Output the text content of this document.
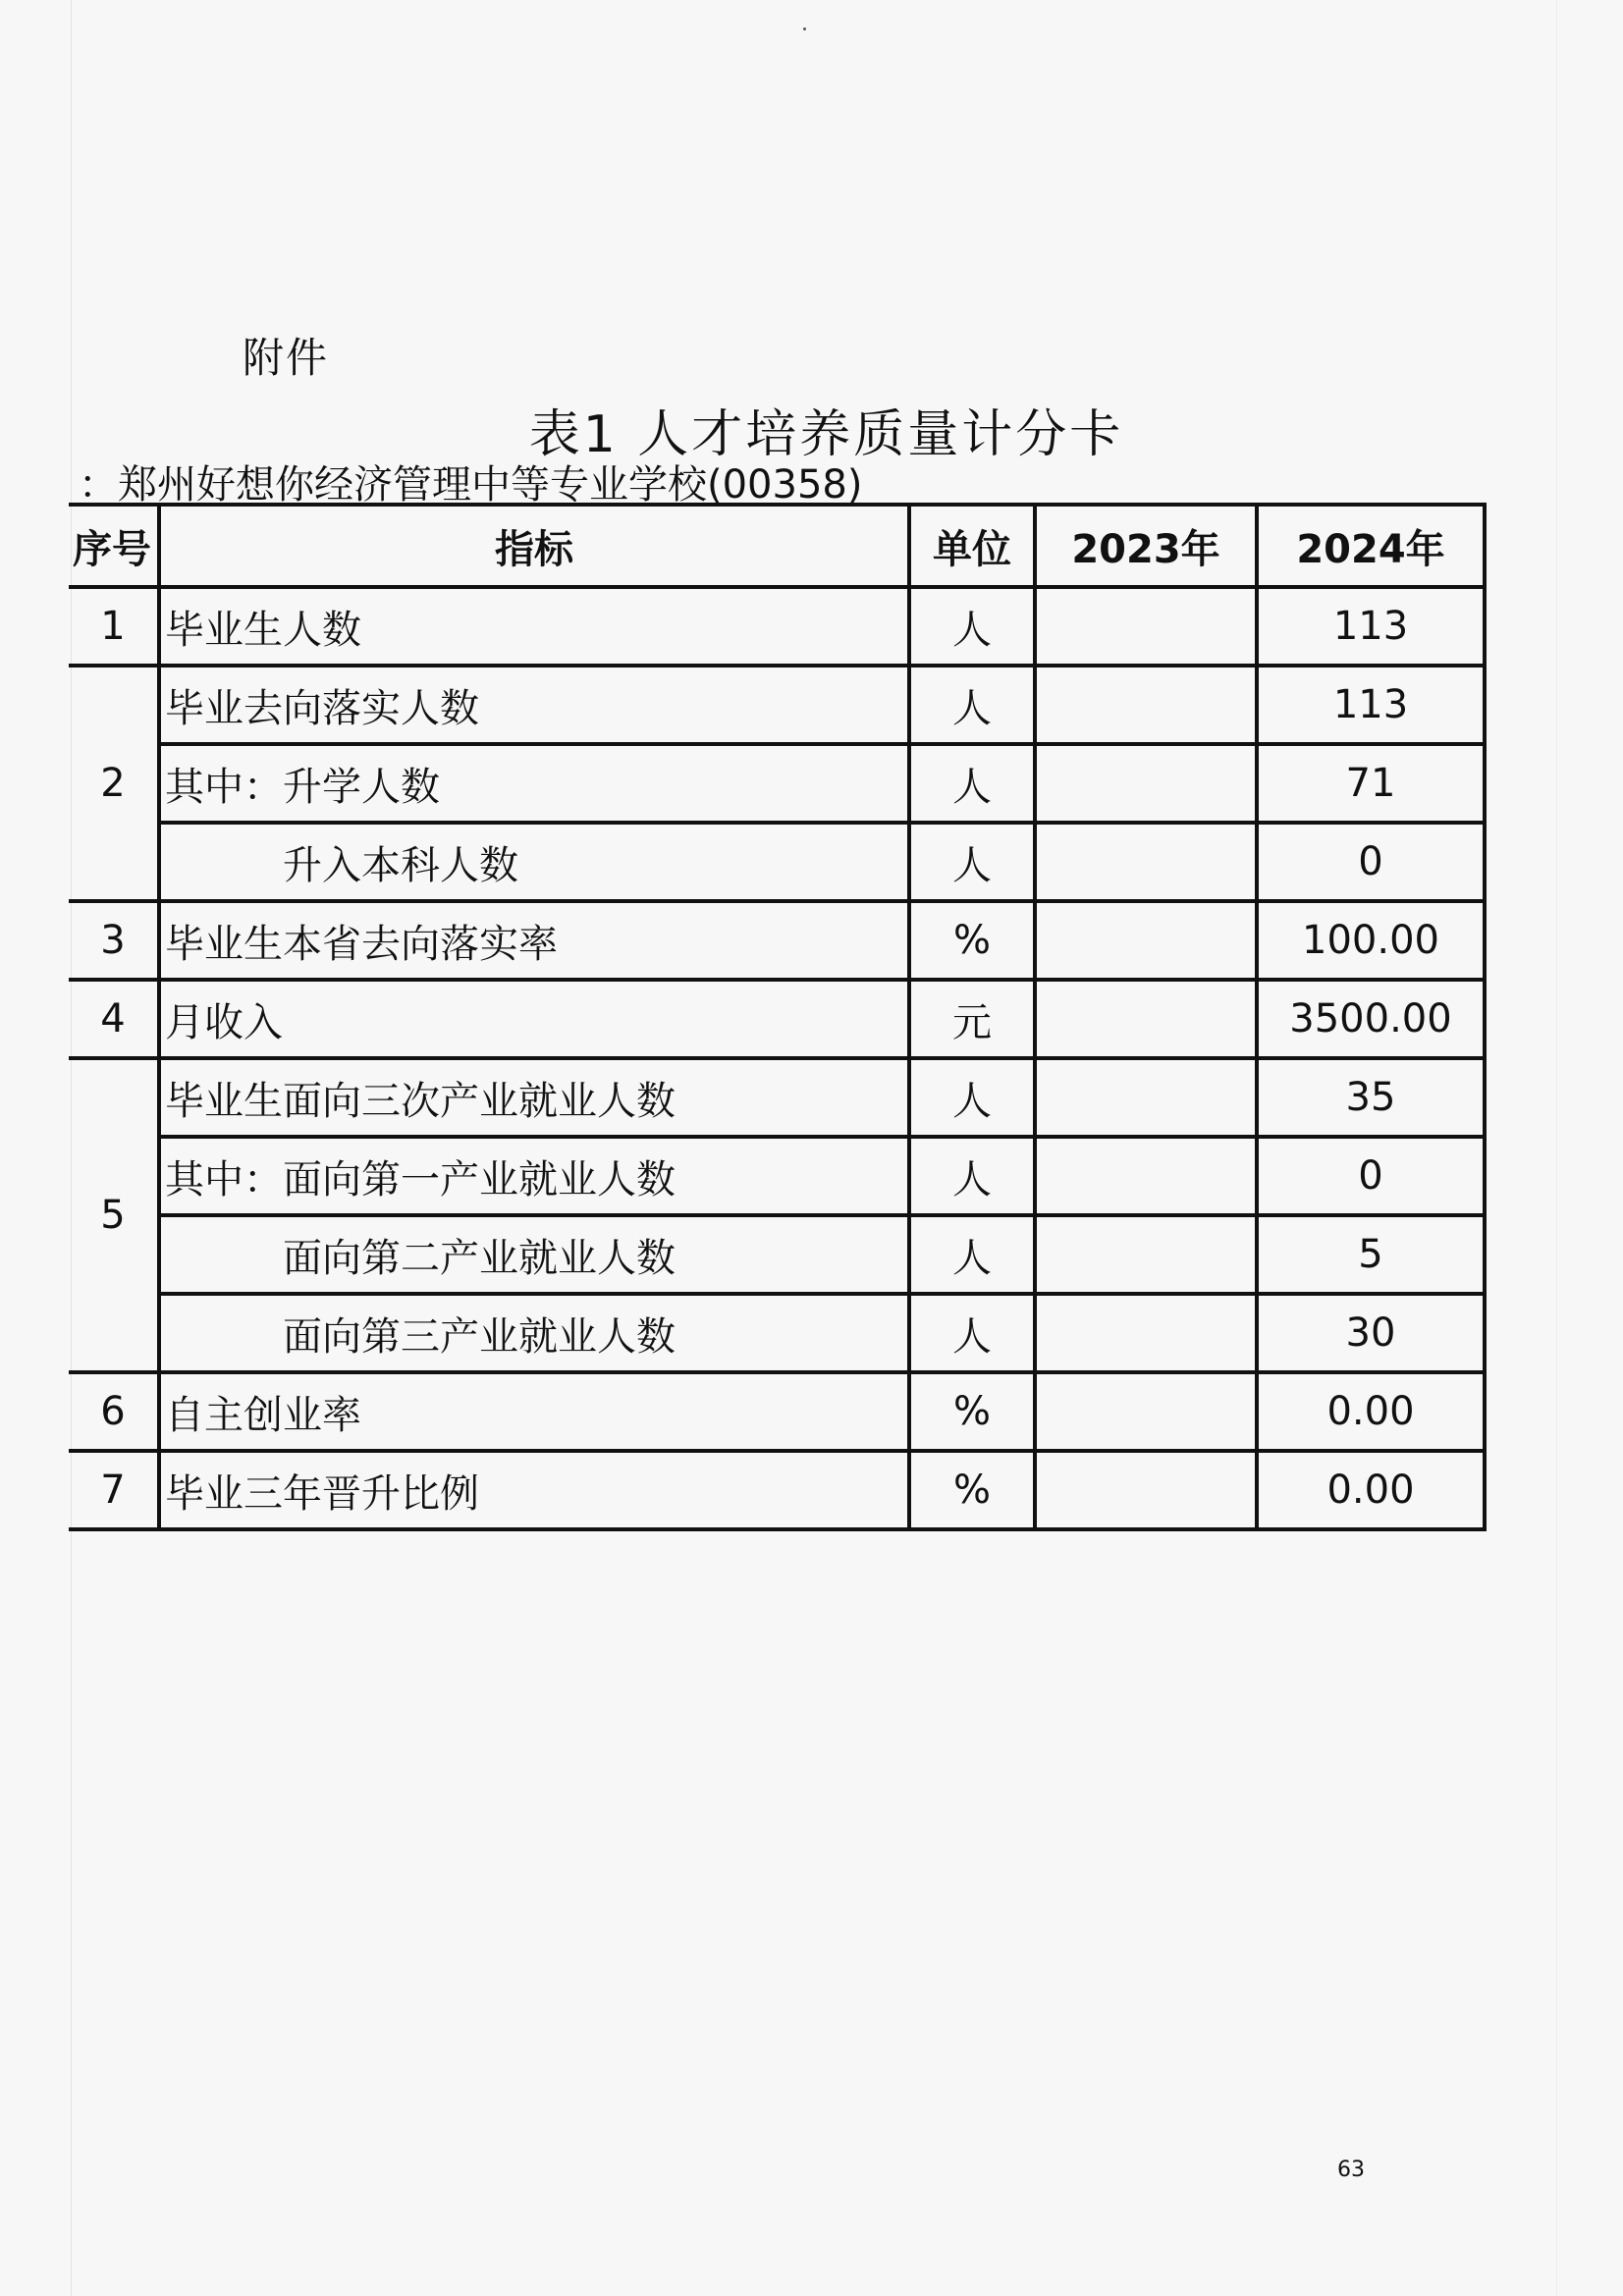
附件
表1 人才培养质量计分卡
：郑州好想你经济管理中等专业学校(00358)
序号	指标	单位	2023年	2024年
1	毕业生人数	人		113
2	毕业去向落实人数	人		113
	其中：升学人数	人		71
	升入本科人数	人		0
3	毕业生本省去向落实率	%		100.00
4	月收入	元		3500.00
5	毕业生面向三次产业就业人数	人		35
	其中：面向第一产业就业人数	人		0
	面向第二产业就业人数	人		5
	面向第三产业就业人数	人		30
6	自主创业率	%		0.00
7	毕业三年晋升比例	%		0.00
63
